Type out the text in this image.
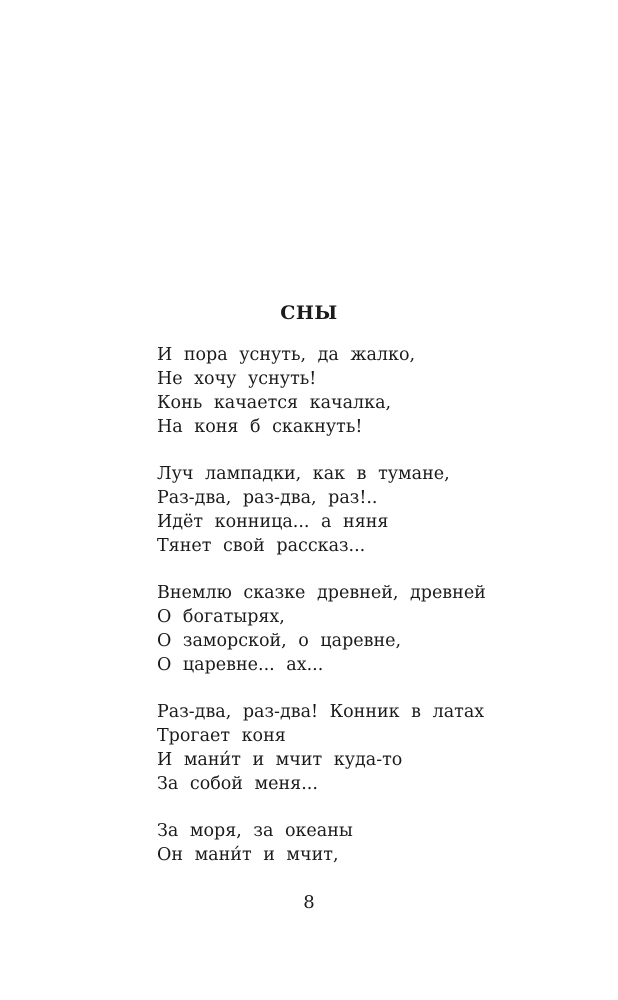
СНЫ
И пора уснуть, да жалко,
Не хочу уснуть!
Конь качается качалка,
На коня б скакнуть!
Луч лампадки, как в тумане,
Раз-два, раз-два, раз!..
Идёт конница... а няня
Тянет свой рассказ...
Внемлю сказке древней, древней
О богатырях,
О заморской, о царевне,
О царевне... ах...
Раз-два, раз-два! Конник в латах
Трогает коня
И мани́т и мчит куда-то
За собой меня...
За моря, за океаны
Он мани́т и мчит,
8
